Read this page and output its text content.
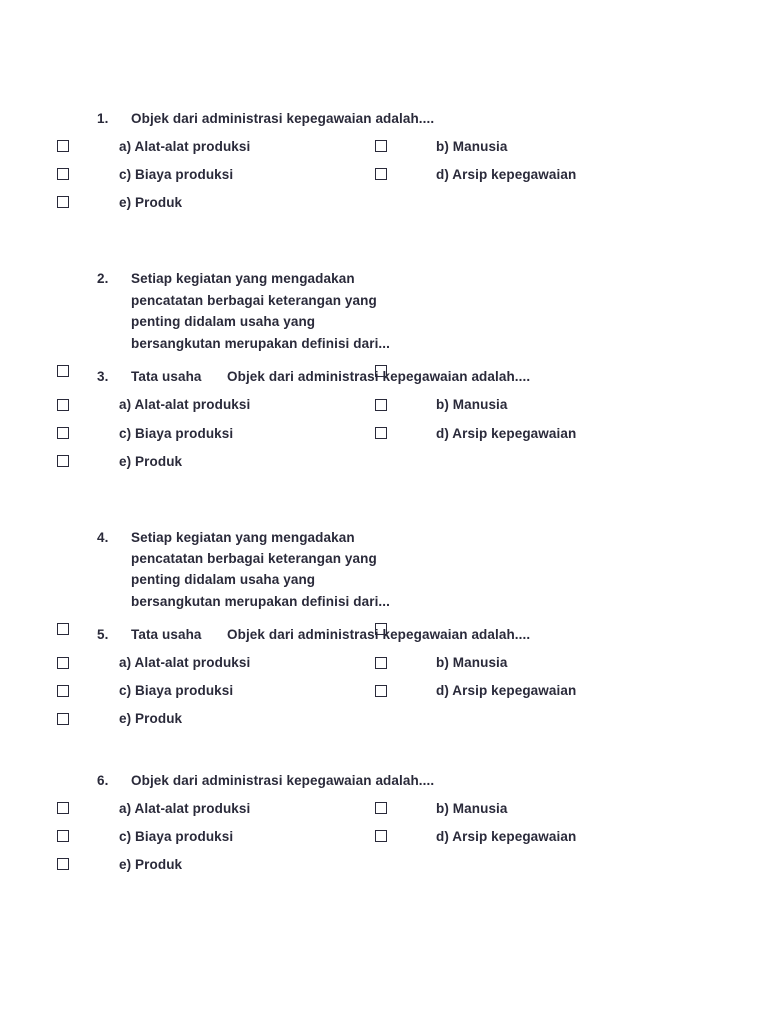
1. Objek dari administrasi kepegawaian adalah....
a) Alat-alat produksi	b) Manusia
c) Biaya produksi	d) Arsip kepegawaian
e) Produk
2. Setiap kegiatan yang mengadakan
pencatatan berbagai keterangan yang
penting didalam usaha yang
bersangkutan merupakan definisi dari...
3. Tata usaha Objek dari administrasi kepegawaian adalah....
a) Alat-alat produksi	b) Manusia
c) Biaya produksi	d) Arsip kepegawaian
e) Produk
4. Setiap kegiatan yang mengadakan
pencatatan berbagai keterangan yang
penting didalam usaha yang
bersangkutan merupakan definisi dari...
5. Tata usaha Objek dari administrasi kepegawaian adalah....
a) Alat-alat produksi	b) Manusia
c) Biaya produksi	d) Arsip kepegawaian
e) Produk
6. Objek dari administrasi kepegawaian adalah....
a) Alat-alat produksi	b) Manusia
c) Biaya produksi	d) Arsip kepegawaian
e) Produk
